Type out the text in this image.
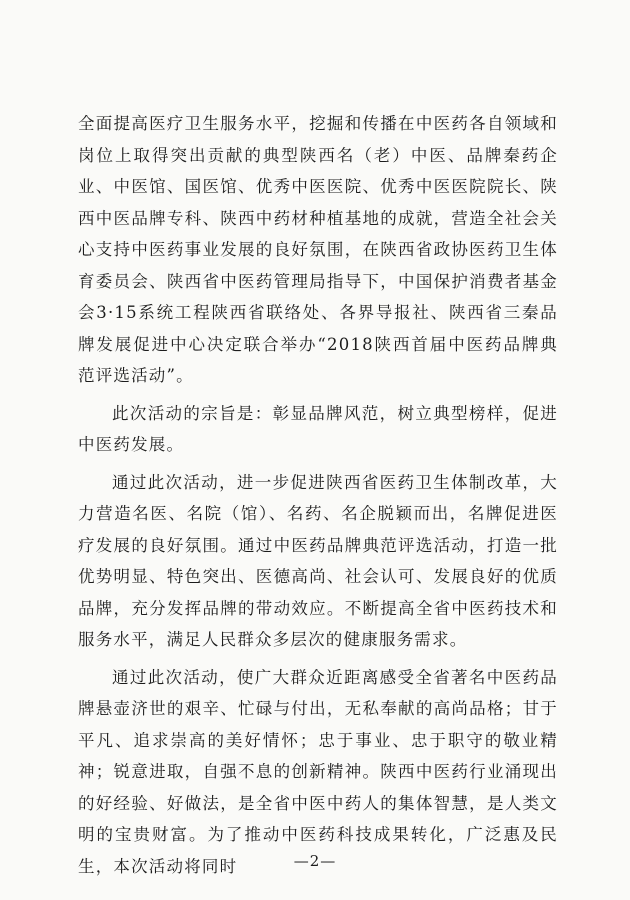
全面提高医疗卫生服务水平，挖掘和传播在中医药各自领域和岗位上取得突出贡献的典型陕西名（老）中医、品牌秦药企业、中医馆、国医馆、优秀中医医院、优秀中医医院院长、陕西中医品牌专科、陕西中药材种植基地的成就，营造全社会关心支持中医药事业发展的良好氛围，在陕西省政协医药卫生体育委员会、陕西省中医药管理局指导下，中国保护消费者基金会3·15系统工程陕西省联络处、各界导报社、陕西省三秦品牌发展促进中心决定联合举办“2018陕西首届中医药品牌典范评选活动”。

此次活动的宗旨是：彰显品牌风范，树立典型榜样，促进中医药发展。

通过此次活动，进一步促进陕西省医药卫生体制改革，大力营造名医、名院（馆）、名药、名企脱颖而出，名牌促进医疗发展的良好氛围。通过中医药品牌典范评选活动，打造一批优势明显、特色突出、医德高尚、社会认可、发展良好的优质品牌，充分发挥品牌的带动效应。不断提高全省中医药技术和服务水平，满足人民群众多层次的健康服务需求。

通过此次活动，使广大群众近距离感受全省著名中医药品牌悬壶济世的艰辛、忙碌与付出，无私奉献的高尚品格；甘于平凡、追求崇高的美好情怀；忠于事业、忠于职守的敬业精神；锐意进取，自强不息的创新精神。陕西中医药行业涌现出的好经验、好做法，是全省中医中药人的集体智慧，是人类文明的宝贵财富。为了推动中医药科技成果转化，广泛惠及民生，本次活动将同时	—2—
